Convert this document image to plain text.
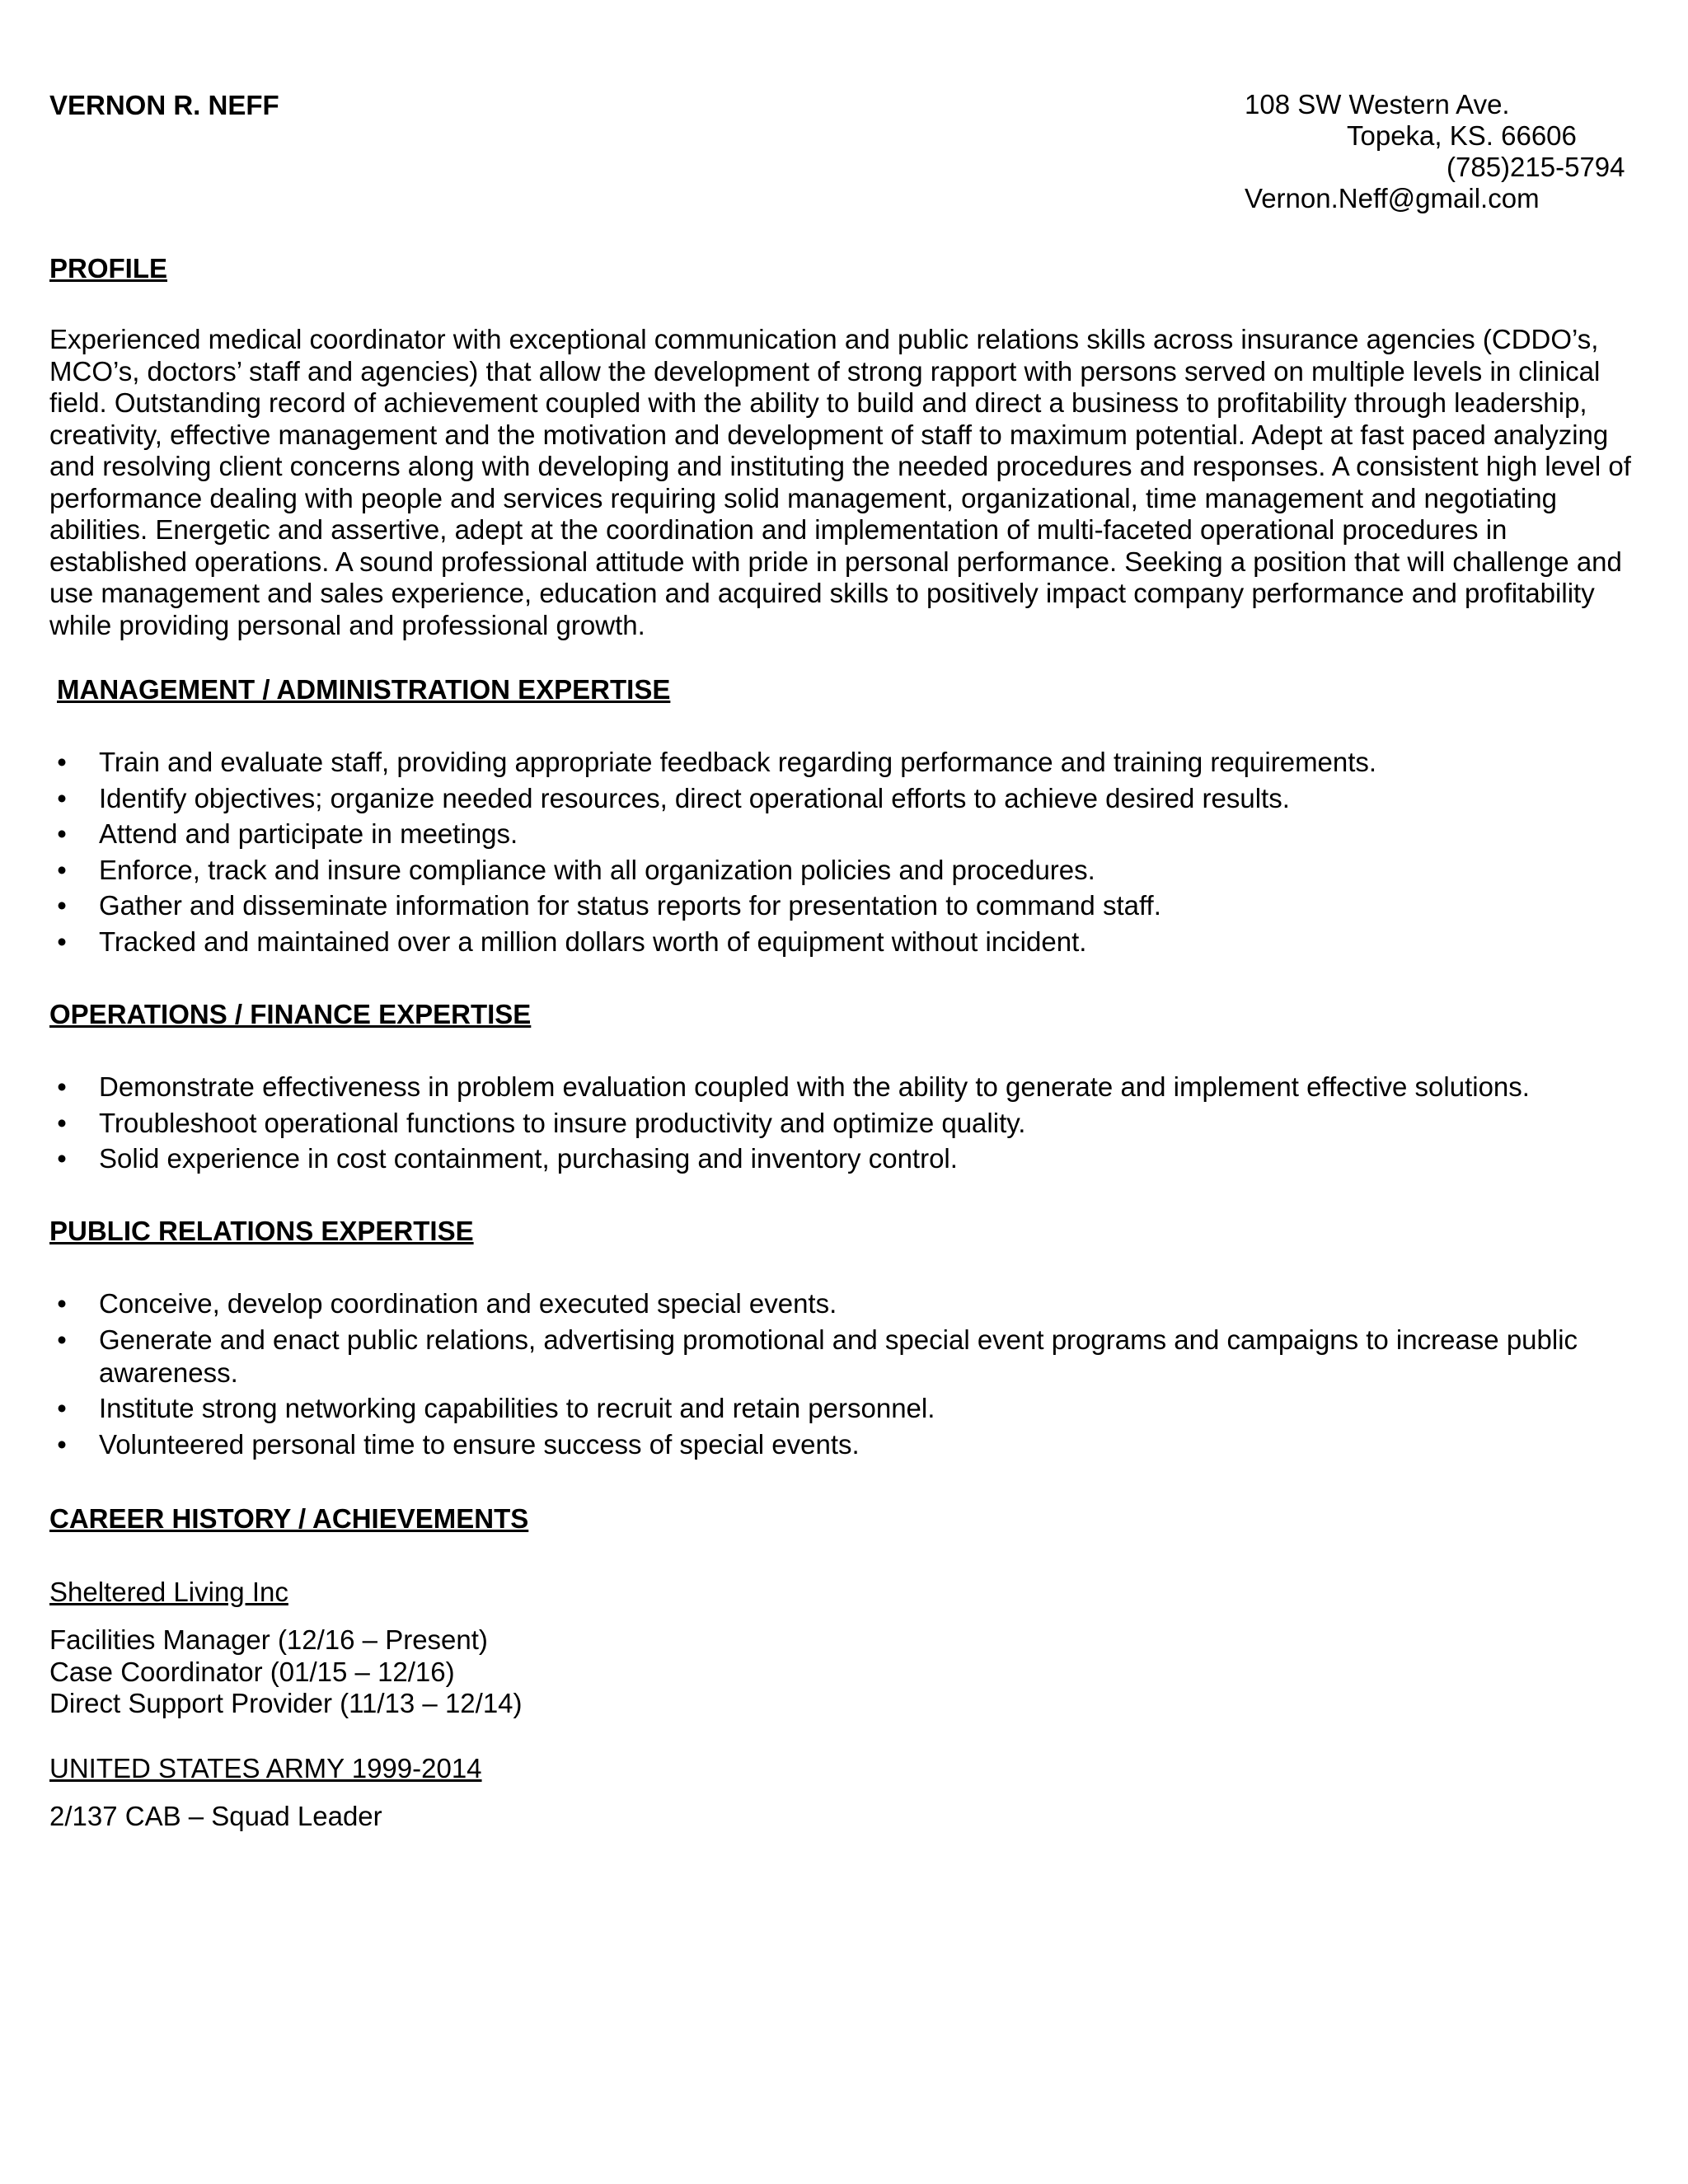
VERNON R. NEFF	108 SW Western Ave.
Topeka, KS. 66606
(785)215-5794
Vernon.Neff@gmail.com
PROFILE

Experienced medical coordinator with exceptional communication and public relations skills across insurance agencies (CDDO’s, MCO’s, doctors’ staff and agencies) that allow the development of strong rapport with persons served on multiple levels in clinical field. Outstanding record of achievement coupled with the ability to build and direct a business to profitability through leadership, creativity, effective management and the motivation and development of staff to maximum potential. Adept at fast paced analyzing and resolving client concerns along with developing and instituting the needed procedures and responses. A consistent high level of performance dealing with people and services requiring solid management, organizational, time management and negotiating abilities. Energetic and assertive, adept at the coordination and implementation of multi-faceted operational procedures in established operations. A sound professional attitude with pride in personal performance. Seeking a position that will challenge and use management and sales experience, education and acquired skills to positively impact company performance and profitability while providing personal and professional growth.

MANAGEMENT / ADMINISTRATION EXPERTISE
• Train and evaluate staff, providing appropriate feedback regarding performance and training requirements.
• Identify objectives; organize needed resources, direct operational efforts to achieve desired results.
• Attend and participate in meetings.
• Enforce, track and insure compliance with all organization policies and procedures.
• Gather and disseminate information for status reports for presentation to command staff.
• Tracked and maintained over a million dollars worth of equipment without incident.
OPERATIONS / FINANCE EXPERTISE
• Demonstrate effectiveness in problem evaluation coupled with the ability to generate and implement effective solutions.
• Troubleshoot operational functions to insure productivity and optimize quality.
• Solid experience in cost containment, purchasing and inventory control.
PUBLIC RELATIONS EXPERTISE
• Conceive, develop coordination and executed special events.
• Generate and enact public relations, advertising promotional and special event programs and campaigns to increase public awareness.
• Institute strong networking capabilities to recruit and retain personnel.
• Volunteered personal time to ensure success of special events.
CAREER HISTORY / ACHIEVEMENTS

Sheltered Living Inc

Facilities Manager (12/16 – Present)
Case Coordinator (01/15 – 12/16)
Direct Support Provider (11/13 – 12/14)

UNITED STATES ARMY 1999-2014

2/137 CAB – Squad Leader
